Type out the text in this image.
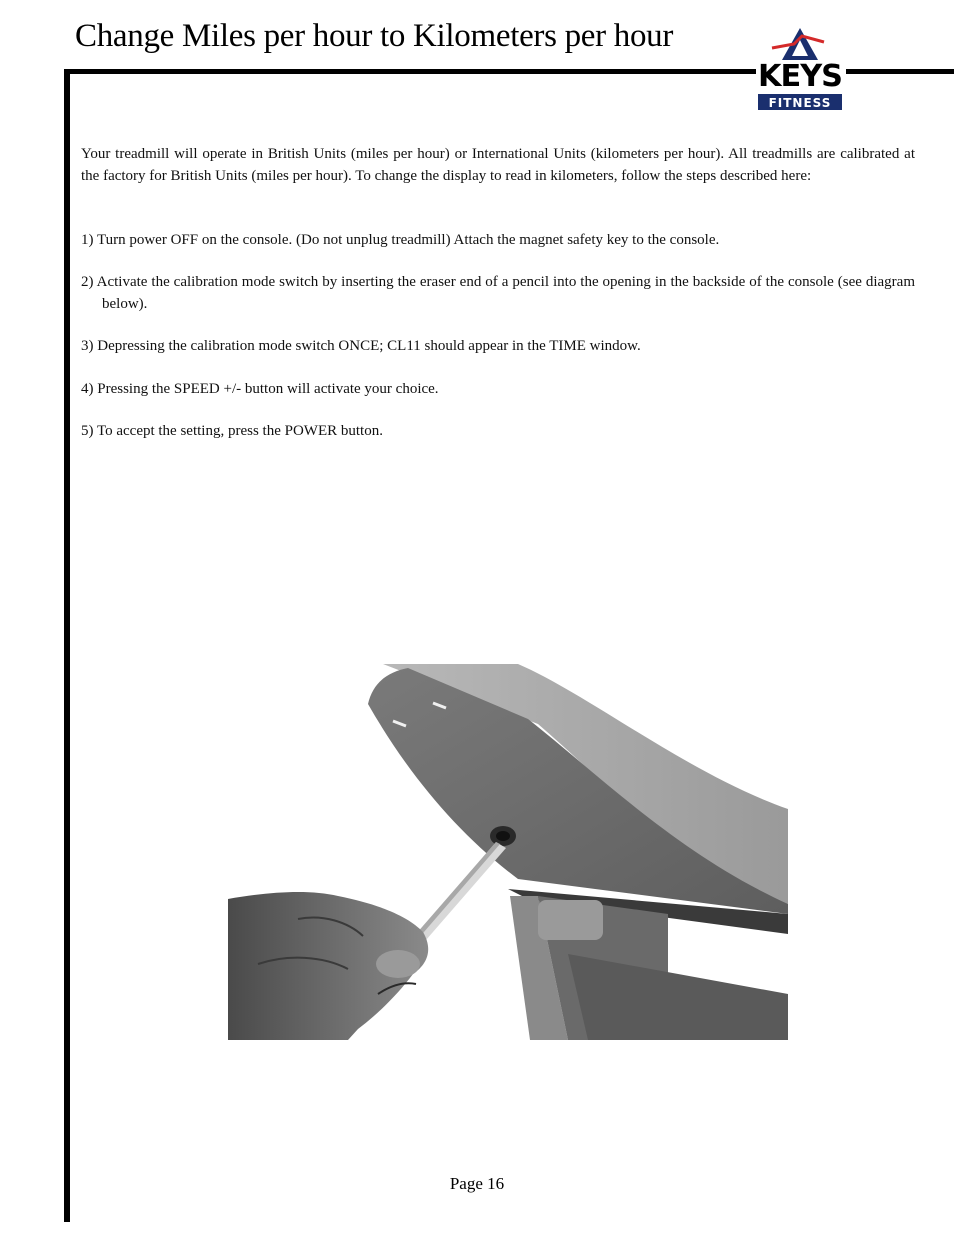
Change Miles per hour to Kilometers per hour
KEYS
FITNESS

Your treadmill will operate in British Units (miles per hour) or International Units (kilometers per hour). All treadmills are calibrated at the factory for British Units (miles per hour). To change the display to read in kilometers, follow the steps described here:

1) Turn power OFF on the console. (Do not unplug treadmill) Attach the magnet safety key to the console.

2) Activate the calibration mode switch by inserting the eraser end of a pencil into the opening in the backside of the console (see diagram below).

3) Depressing the calibration mode switch ONCE; CL11 should appear in the TIME window.

4) Pressing the SPEED +/- button will activate your choice.

5) To accept the setting, press the POWER button.

Page 16
